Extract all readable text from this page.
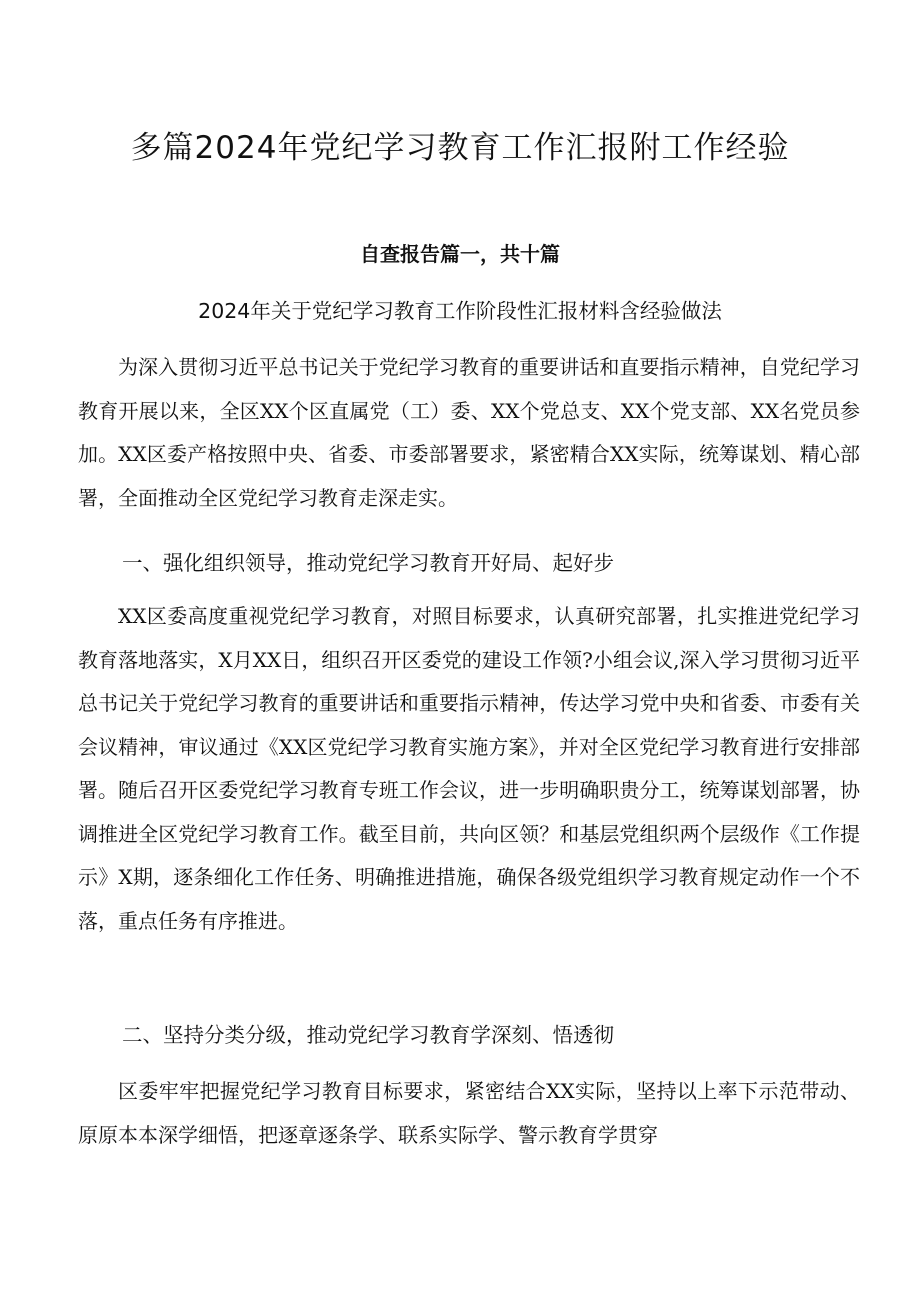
多篇2024年党纪学习教育工作汇报附工作经验
自查报告篇一，共十篇
2024年关于党纪学习教育工作阶段性汇报材料含经验做法

为深入贯彻习近平总书记关于党纪学习教育的重要讲话和直要指示精神，自党纪学习教育开展以来，全区XX个区直属党（工）委、XX个党总支、XX个党支部、XX名党员参加。XX区委产格按照中央、省委、市委部署要求，紧密精合XX实际，统筹谋划、精心部署，全面推动全区党纪学习教育走深走实。

一、强化组织领导，推动党纪学习教育开好局、起好步

XX区委高度重视党纪学习教育，对照目标要求，认真研究部署，扎实推进党纪学习教育落地落实，X月XX日，组织召开区委党的建设工作领?小组会议,深入学习贯彻习近平总书记关于党纪学习教育的重要讲话和重要指示精神，传达学习党中央和省委、市委有关会议精神，审议通过《XX区党纪学习教育实施方案》，并对全区党纪学习教育进行安排部署。随后召开区委党纪学习教育专班工作会议，进一步明确职贵分工，统筹谋划部署，协调推进全区党纪学习教育工作。截至目前，共向区领？和基层党组织两个层级作《工作提示》X期，逐条细化工作任务、明确推进措施，确保各级党组织学习教育规定动作一个不落，重点任务有序推进。

二、坚持分类分级，推动党纪学习教育学深刻、悟透彻

区委牢牢把握党纪学习教育目标要求，紧密结合XX实际，坚持以上率下示范带动、原原本本深学细悟，把逐章逐条学、联系实际学、警示教育学贯穿
